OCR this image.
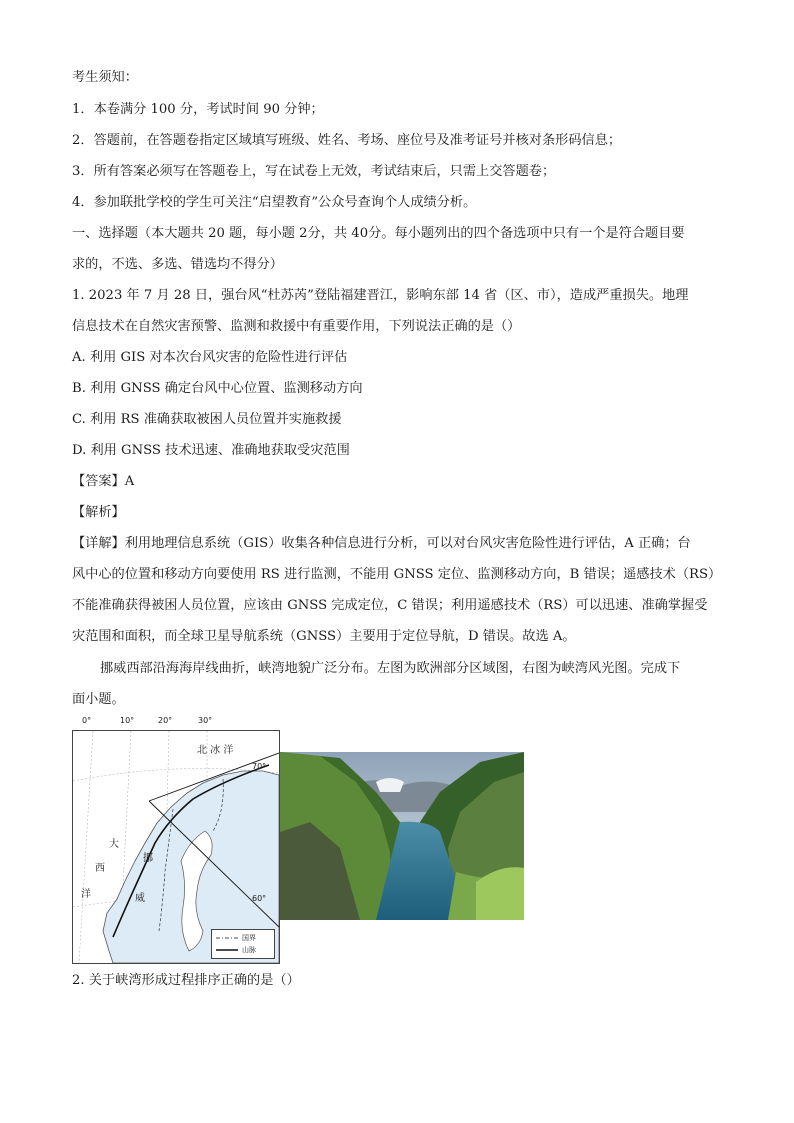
考生须知：
1．本卷满分 100 分，考试时间 90 分钟；
2．答题前，在答题卷指定区域填写班级、姓名、考场、座位号及准考证号并核对条形码信息；
3．所有答案必须写在答题卷上，写在试卷上无效，考试结束后，只需上交答题卷；
4．参加联批学校的学生可关注“启望教育”公众号查询个人成绩分析。
一、选择题（本大题共 20 题，每小题 2分，共 40分。每小题列出的四个备选项中只有一个是符合题目要
求的，不选、多选、错选均不得分）
1. 2023 年 7 月 28 日，强台风“杜苏芮”登陆福建晋江，影响东部 14 省（区、市），造成严重损失。地理
信息技术在自然灾害预警、监测和救援中有重要作用，下列说法正确的是（）
A. 利用 GIS 对本次台风灾害的危险性进行评估
B. 利用 GNSS 确定台风中心位置、监测移动方向
C. 利用 RS 准确获取被困人员位置并实施救援
D. 利用 GNSS 技术迅速、准确地获取受灾范围
【答案】A
【解析】
【详解】利用地理信息系统（GIS）收集各种信息进行分析，可以对台风灾害危险性进行评估，A 正确；台
风中心的位置和移动方向要使用 RS 进行监测，不能用 GNSS 定位、监测移动方向，B 错误；遥感技术（RS）
不能准确获得被困人员位置，应该由 GNSS 完成定位，C 错误；利用遥感技术（RS）可以迅速、准确掌握受
灾范围和面积，而全球卫星导航系统（GNSS）主要用于定位导航，D 错误。故选 A。
挪威西部沿海海岸线曲折，峡湾地貌广泛分布。左图为欧洲部分区域图，右图为峡湾风光图。完成下
面小题。
0°	10°	20°	30°
北 冰 洋
大
西
洋
挪
威
国界
山脉
70°
60°
2. 关于峡湾形成过程排序正确的是（）
